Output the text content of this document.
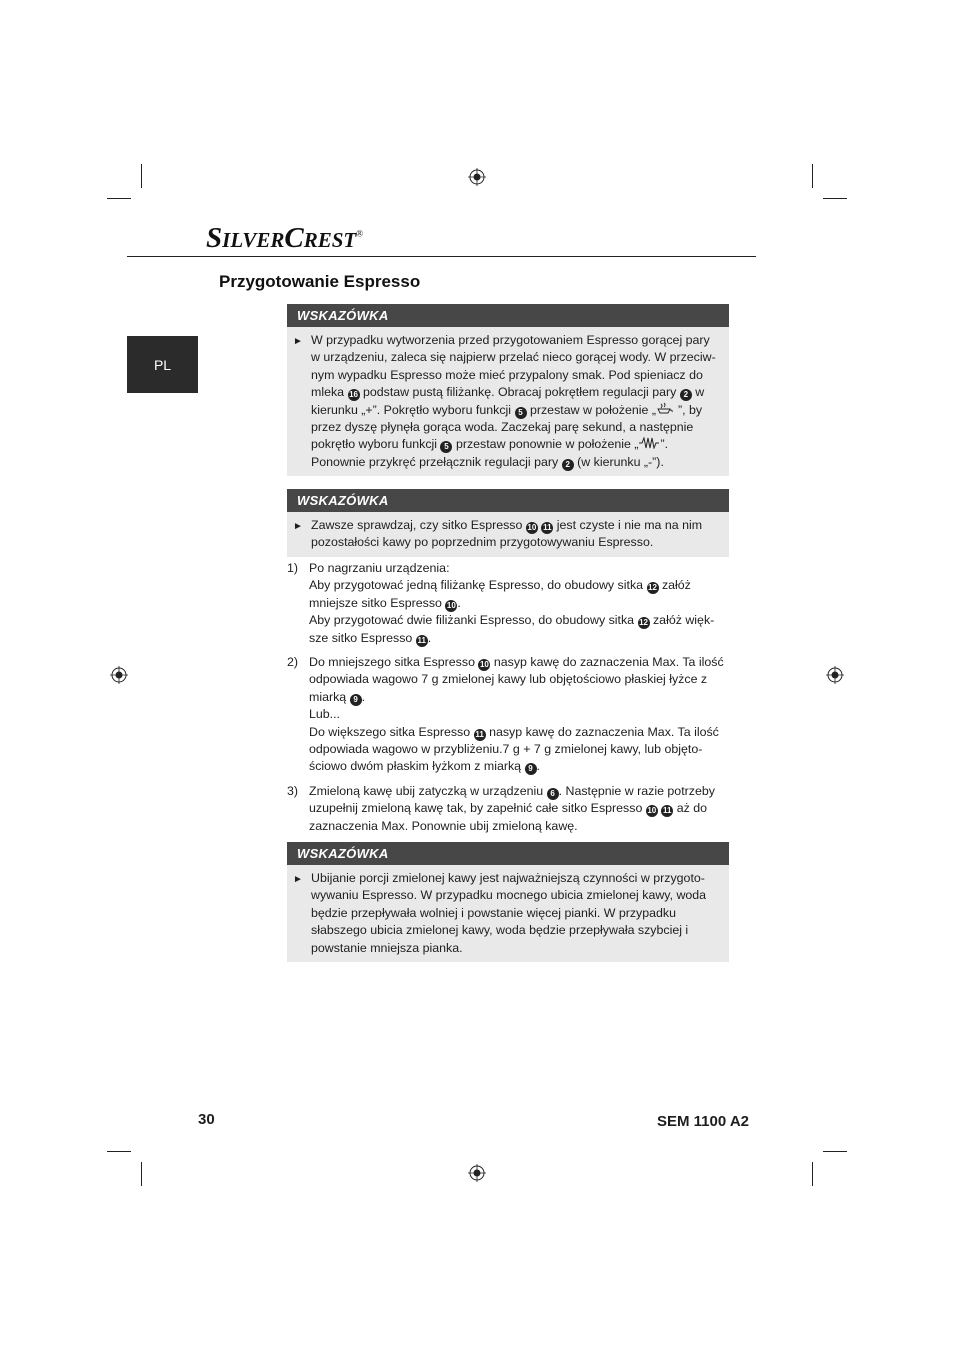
SILVERCREST®
PL
Przygotowanie Espresso
WSKAZÓWKA
► W przypadku wytworzenia przed przygotowaniem Espresso gorącej pary w urządzeniu, zaleca się najpierw przelać nieco gorącej wody. W przeciw-nym wypadku Espresso może mieć przypalony smak. Pod spieniacz do mleka 16 podstaw pustą filiżankę. Obracaj pokrętłem regulacji pary 2 w kierunku „+”. Pokrętło wyboru funkcji 5 przestaw w położenie „ ”, by przez dyszę płynęła gorąca woda. Zaczekaj parę sekund, a następnie pokrętło wyboru funkcji 5 przestaw ponownie w położenie „ ”. Ponownie przykręć przełącznik regulacji pary 2 (w kierunku „-”).
WSKAZÓWKA
► Zawsze sprawdzaj, czy sitko Espresso 10 11 jest czyste i nie ma na nim pozostałości kawy po poprzednim przygotowywaniu Espresso.
1) Po nagrzaniu urządzenia:
Aby przygotować jedną filiżankę Espresso, do obudowy sitka 12 załóż mniejsze sitko Espresso 10 .
Aby przygotować dwie filiżanki Espresso, do obudowy sitka 12 załóż więk-sze sitko Espresso 11 .
2) Do mniejszego sitka Espresso 10 nasyp kawę do zaznaczenia Max. Ta ilość odpowiada wagowo 7 g zmielonej kawy lub objętościowo płaskiej łyżce z miarką 9 .
Lub...
Do większego sitka Espresso 11 nasyp kawę do zaznaczenia Max. Ta ilość odpowiada wagowo w przybliżeniu.7 g + 7 g zmielonej kawy, lub objęto-ściowo dwóm płaskim łyżkom z miarką 9 .
3) Zmieloną kawę ubij zatyczką w urządzeniu 6 . Następnie w razie potrzeby uzupełnij zmieloną kawę tak, by zapełnić całe sitko Espresso 10 11 aż do zaznaczenia Max. Ponownie ubij zmieloną kawę.
WSKAZÓWKA
► Ubijanie porcji zmielonej kawy jest najważniejszą czynności w przygoto-wywaniu Espresso. W przypadku mocnego ubicia zmielonej kawy, woda będzie przepływała wolniej i powstanie więcej pianki. W przypadku słabszego ubicia zmielonej kawy, woda będzie przepływała szybciej i powstanie mniejsza pianka.
30	SEM 1100 A2
